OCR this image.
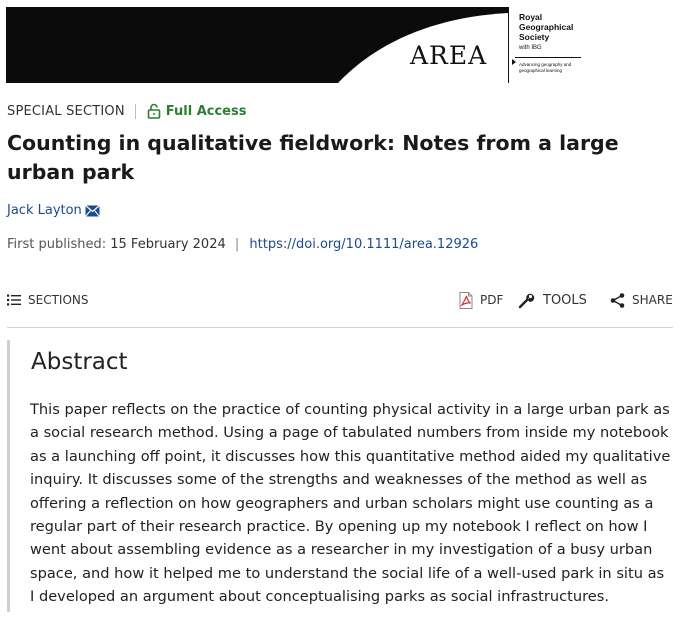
AREA
Royal Geographical Society
with IBG
Advancing geography and geographical learning
SPECIAL SECTION	Full Access
Counting in qualitative fieldwork: Notes from a large urban park
Jack Layton
First published: 15 February 2024 | https://doi.org/10.1111/area.12926
SECTIONS	PDF	TOOLS	SHARE
Abstract

This paper reflects on the practice of counting physical activity in a large urban park as a social research method. Using a page of tabulated numbers from inside my notebook as a launching off point, it discusses how this quantitative method aided my qualitative inquiry. It discusses some of the strengths and weaknesses of the method as well as offering a reflection on how geographers and urban scholars might use counting as a regular part of their research practice. By opening up my notebook I reflect on how I went about assembling evidence as a researcher in my investigation of a busy urban space, and how it helped me to understand the social life of a well-used park in situ as I developed an argument about conceptualising parks as social infrastructures.
